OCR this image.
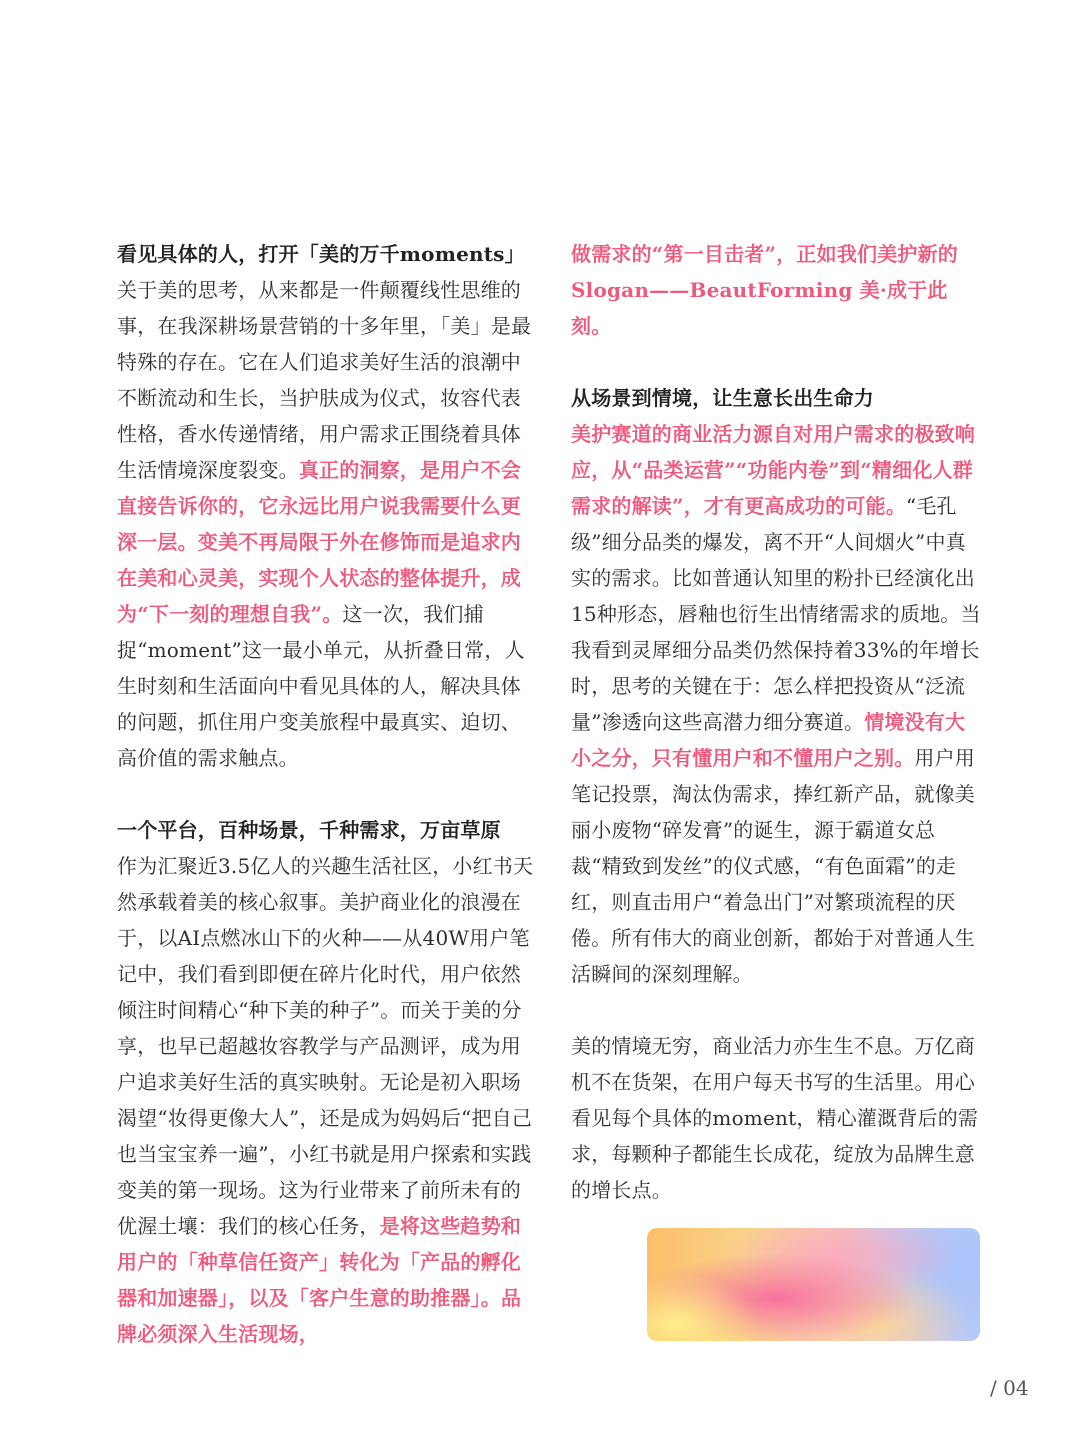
看见具体的人，打开「美的万千moments」

关于美的思考，从来都是一件颠覆线性思维的事，在我深耕场景营销的十多年里，「美」是最特殊的存在。它在人们追求美好生活的浪潮中不断流动和生长，当护肤成为仪式，妆容代表性格，香水传递情绪，用户需求正围绕着具体生活情境深度裂变。真正的洞察，是用户不会直接告诉你的，它永远比用户说我需要什么更深一层。变美不再局限于外在修饰而是追求内在美和心灵美，实现个人状态的整体提升，成为“下一刻的理想自我”。这一次，我们捕捉“moment”这一最小单元，从折叠日常，人生时刻和生活面向中看见具体的人，解决具体的问题，抓住用户变美旅程中最真实、迫切、高价值的需求触点。

一个平台，百种场景，千种需求，万亩草原

作为汇聚近3.5亿人的兴趣生活社区，小红书天然承载着美的核心叙事。美护商业化的浪漫在于，以AI点燃冰山下的火种——从40W用户笔记中，我们看到即便在碎片化时代，用户依然倾注时间精心“种下美的种子”。而关于美的分享，也早已超越妆容教学与产品测评，成为用户追求美好生活的真实映射。无论是初入职场渴望“妆得更像大人”，还是成为妈妈后“把自己也当宝宝养一遍”，小红书就是用户探索和实践变美的第一现场。这为行业带来了前所未有的优渥土壤：我们的核心任务，是将这些趋势和用户的「种草信任资产」转化为「产品的孵化器和加速器」，以及「客户生意的助推器」。品牌必须深入生活现场，

做需求的“第一目击者”，正如我们美护新的Slogan——BeautForming 美·成于此刻。

从场景到情境，让生意长出生命力

美护赛道的商业活力源自对用户需求的极致响应，从“品类运营”“功能内卷”到“精细化人群需求的解读”，才有更高成功的可能。“毛孔级”细分品类的爆发，离不开“人间烟火”中真实的需求。比如普通认知里的粉扑已经演化出15种形态，唇釉也衍生出情绪需求的质地。当我看到灵犀细分品类仍然保持着33%的年增长时，思考的关键在于：怎么样把投资从“泛流量”渗透向这些高潜力细分赛道。情境没有大小之分，只有懂用户和不懂用户之别。用户用笔记投票，淘汰伪需求，捧红新产品，就像美丽小废物“碎发膏”的诞生，源于霸道女总裁“精致到发丝”的仪式感，“有色面霜”的走红，则直击用户“着急出门”对繁琐流程的厌倦。所有伟大的商业创新，都始于对普通人生活瞬间的深刻理解。

美的情境无穷，商业活力亦生生不息。万亿商机不在货架，在用户每天书写的生活里。用心看见每个具体的moment，精心灌溉背后的需求，每颗种子都能生长成花，绽放为品牌生意的增长点。

/ 04
